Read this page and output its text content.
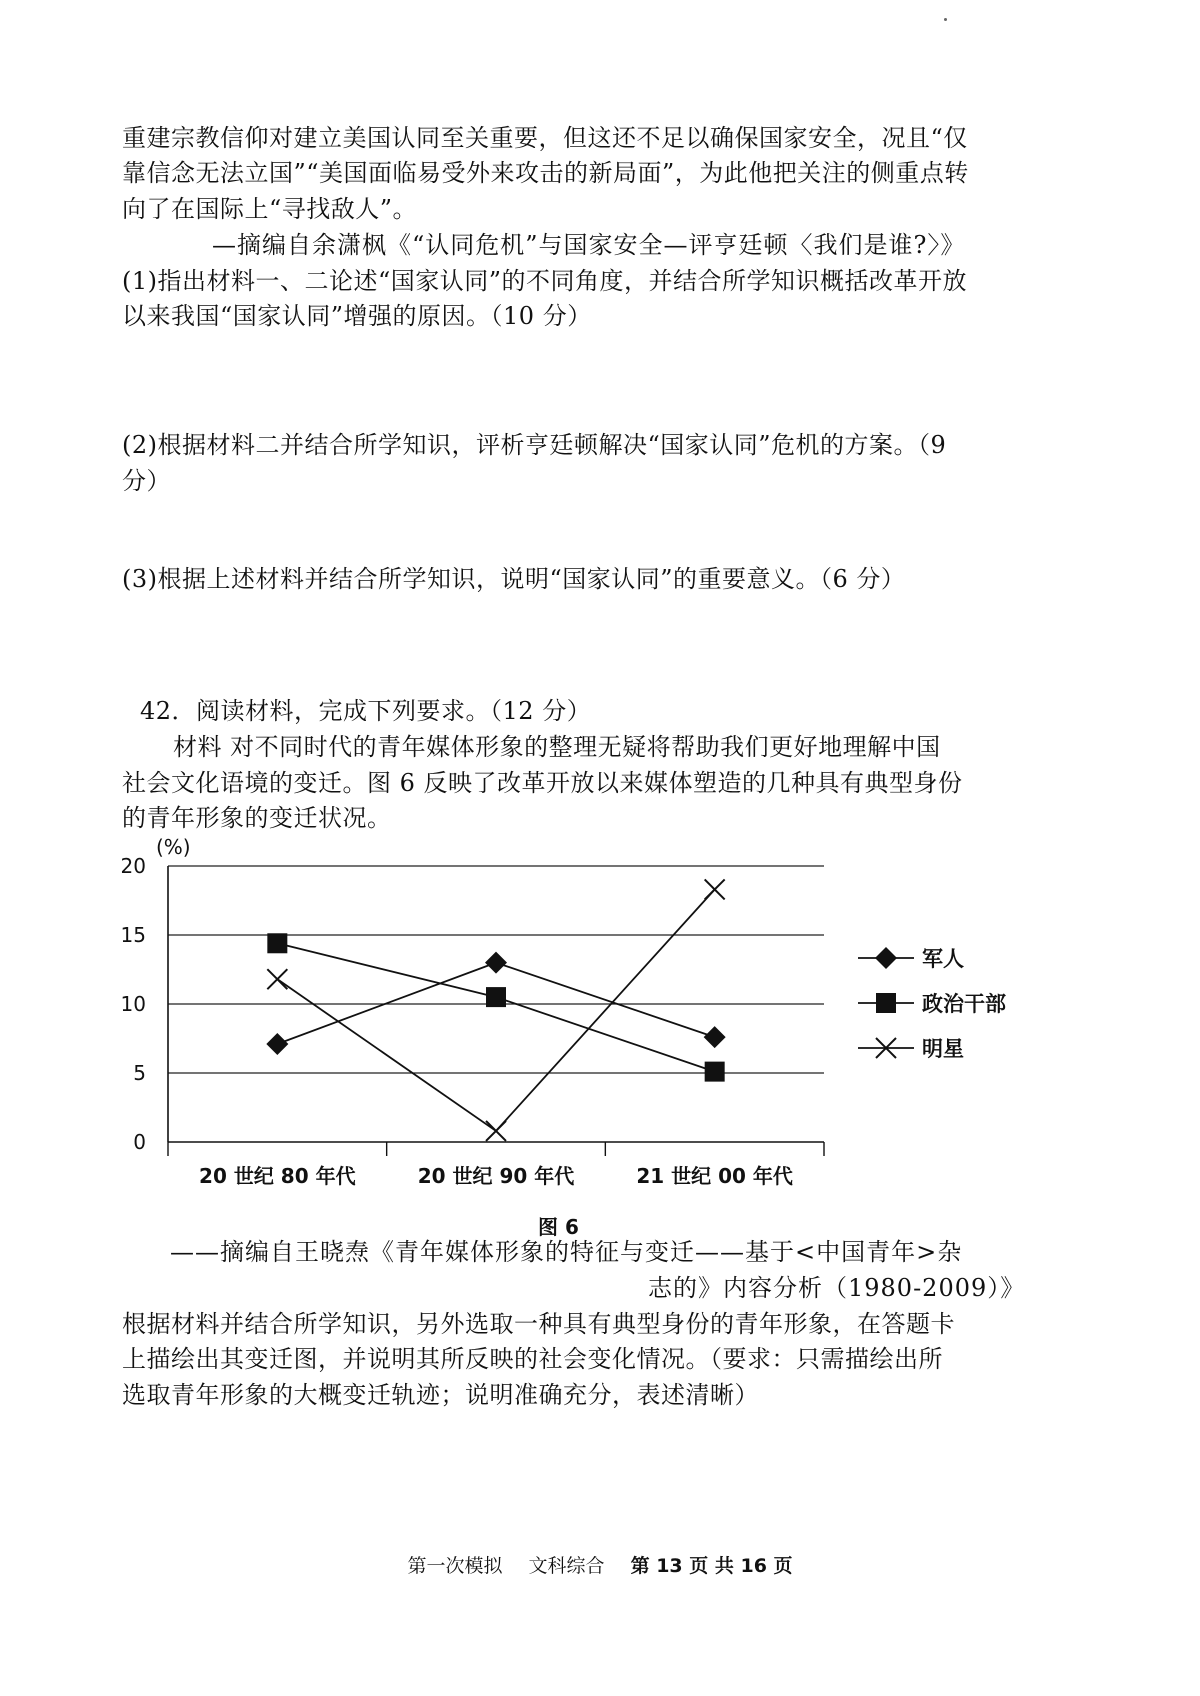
重建宗教信仰对建立美国认同至关重要，但这还不足以确保国家安全，况且“仅

靠信念无法立国”“美国面临易受外来攻击的新局面”，为此他把关注的侧重点转

向了在国际上“寻找敌人”。

—摘编自余潇枫《“认同危机”与国家安全—评亨廷顿〈我们是谁?〉》

(1)指出材料一、二论述“国家认同”的不同角度，并结合所学知识概括改革开放

以来我国“国家认同”增强的原因。（10 分）

(2)根据材料二并结合所学知识，评析亨廷顿解决“国家认同”危机的方案。（9

分）

(3)根据上述材料并结合所学知识，说明“国家认同”的重要意义。（6 分）

42．阅读材料，完成下列要求。（12 分）

材料 对不同时代的青年媒体形象的整理无疑将帮助我们更好地理解中国

社会文化语境的变迁。图 6 反映了改革开放以来媒体塑造的几种具有典型身份

的青年形象的变迁状况。

(%)
0
5
10
15
20
20 世纪 80 年代	20 世纪 90 年代	21 世纪 00 年代
军人
政治干部
明星
图 6

——摘编自王晓焘《青年媒体形象的特征与变迁——基于<中国青年>杂

志的》内容分析（1980-2009）》

根据材料并结合所学知识，另外选取一种具有典型身份的青年形象，在答题卡

上描绘出其变迁图，并说明其所反映的社会变化情况。（要求：只需描绘出所

选取青年形象的大概变迁轨迹；说明准确充分，表述清晰）

第一次模拟 文科综合 第 13 页 共 16 页
